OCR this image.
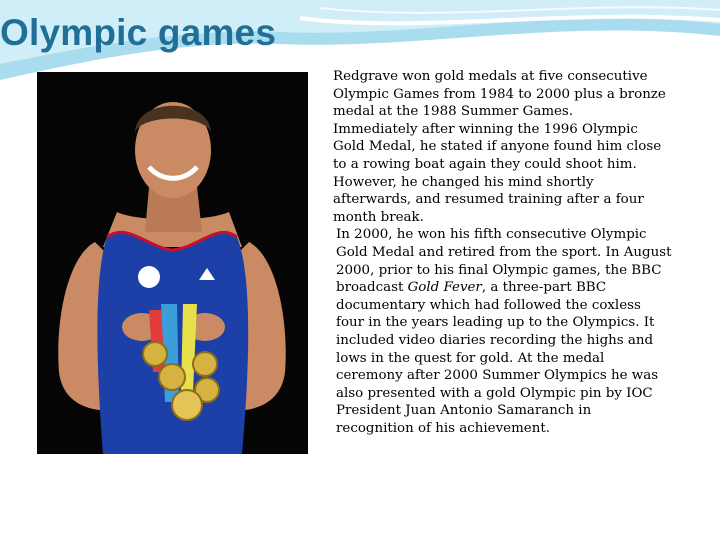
Olympic games

Redgrave won gold medals at five consecutive Olympic Games from 1984 to 2000 plus a bronze medal at the 1988 Summer Games.

Immediately after winning the 1996 Olympic Gold Medal, he stated if anyone found him close to a rowing boat again they could shoot him. However, he changed his mind shortly afterwards, and resumed training after a four month break.

In 2000, he won his fifth consecutive Olympic Gold Medal and retired from the sport. In August 2000, prior to his final Olympic games, the BBC broadcast Gold Fever, a three-part BBC documentary which had followed the coxless four in the years leading up to the Olympics. It included video diaries recording the highs and lows in the quest for gold. At the medal ceremony after 2000 Summer Olympics he was also presented with a gold Olympic pin by IOC President Juan Antonio Samaranch in recognition of his achievement.
